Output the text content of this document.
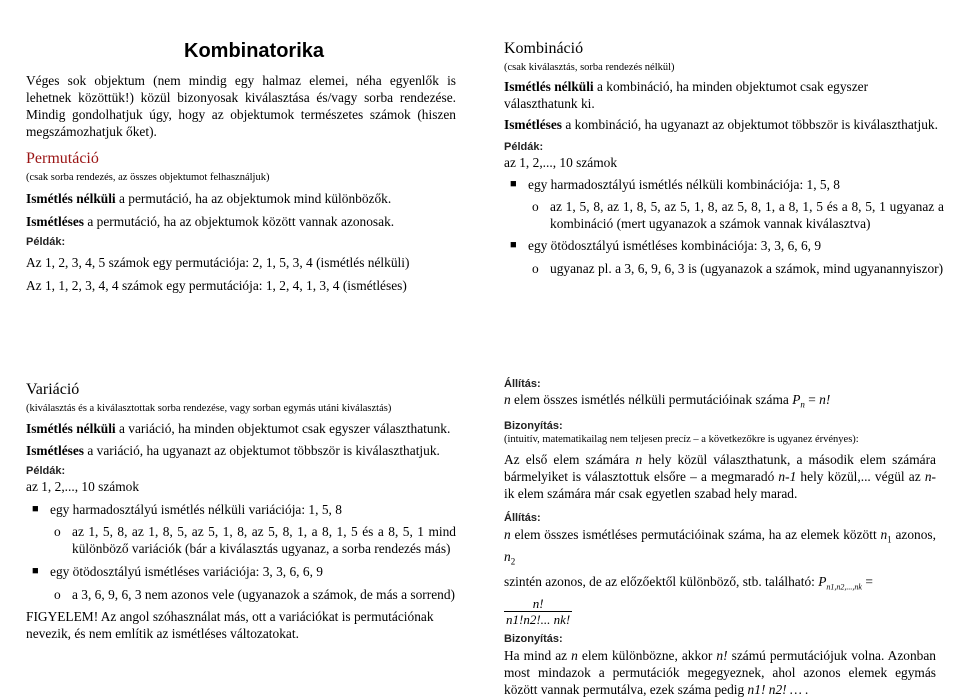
Kombinatorika

Véges sok objektum (nem mindig egy halmaz elemei, néha egyenlők is lehetnek közöttük!) közül bizonyosak kiválasztása és/vagy sorba rendezése. Mindig gondolhatjuk úgy, hogy az objektumok természetes számok (hiszen megszámozhatjuk őket).

Permutáció
(csak sorba rendezés, az összes objektumot felhasználjuk)

Ismétlés nélküli a permutáció, ha az objektumok mind különbözők.

Ismétléses a permutáció, ha az objektumok között vannak azonosak.

Példák:

Az 1, 2, 3, 4, 5 számok egy permutációja: 2, 1, 5, 3, 4 (ismétlés nélküli)

Az 1, 1, 2, 3, 4, 4 számok egy permutációja: 1, 2, 4, 1, 3, 4 (ismétléses)

Kombináció
(csak kiválasztás, sorba rendezés nélkül)

Ismétlés nélküli a kombináció, ha minden objektumot csak egyszer választhatunk ki.

Ismétléses a kombináció, ha ugyanazt az objektumot többször is kiválaszthatjuk.

Példák:

az 1, 2,..., 10 számok

■ egy harmadosztályú ismétlés nélküli kombinációja: 1, 5, 8

o az 1, 5, 8, az 1, 8, 5, az 5, 1, 8, az 5, 8, 1, a 8, 1, 5 és a 8, 5, 1 ugyanaz a kombináció (mert ugyanazok a számok vannak kiválasztva)

■ egy ötödosztályú ismétléses kombinációja: 3, 3, 6, 6, 9

o ugyanaz pl. a 3, 6, 9, 6, 3 is (ugyanazok a számok, mind ugyanannyiszor)

Variáció
(kiválasztás és a kiválasztottak sorba rendezése, vagy sorban egymás utáni kiválasztás)

Ismétlés nélküli a variáció, ha minden objektumot csak egyszer választhatunk.

Ismétléses a variáció, ha ugyanazt az objektumot többször is kiválaszthatjuk.

Példák:

az 1, 2,..., 10 számok

■ egy harmadosztályú ismétlés nélküli variációja: 1, 5, 8

o az 1, 5, 8, az 1, 8, 5, az 5, 1, 8, az 5, 8, 1, a 8, 1, 5 és a 8, 5, 1 mind különböző variációk (bár a kiválasztás ugyanaz, a sorba rendezés más)

■ egy ötödosztályú ismétléses variációja: 3, 3, 6, 6, 9

o a 3, 6, 9, 6, 3 nem azonos vele (ugyanazok a számok, de más a sorrend)

FIGYELEM! Az angol szóhasználat más, ott a variációkat is permutációnak nevezik, és nem említik az ismétléses változatokat.

Állítás:

n elem összes ismétlés nélküli permutációinak száma $P_n = n$!

Bizonyítás:
(intuitív, matematikailag nem teljesen precíz – a következőkre is ugyanez érvényes):

Az első elem számára n hely közül választhatunk, a második elem számára bármelyiket is választottuk elsőre – a megmaradó n-1 hely közül,... végül az n-ik elem számára már csak egyetlen szabad hely marad.

Állítás:

n elem összes ismétléses permutációinak száma, ha az elemek között $n_1$ azonos, $n_2$

szintén azonos, de az előzőektől különböző, stb. található: $P_{n1,n2,...,nk}$ =
$\frac{n!}{n1!n2!... nk!}$

Bizonyítás:

Ha mind az n elem különbözne, akkor n! számú permutációjuk volna. Azonban most mindazok a permutációk megegyeznek, ahol azonos elemek egymás között vannak permutálva, ezek száma pedig n1! n2! … .
